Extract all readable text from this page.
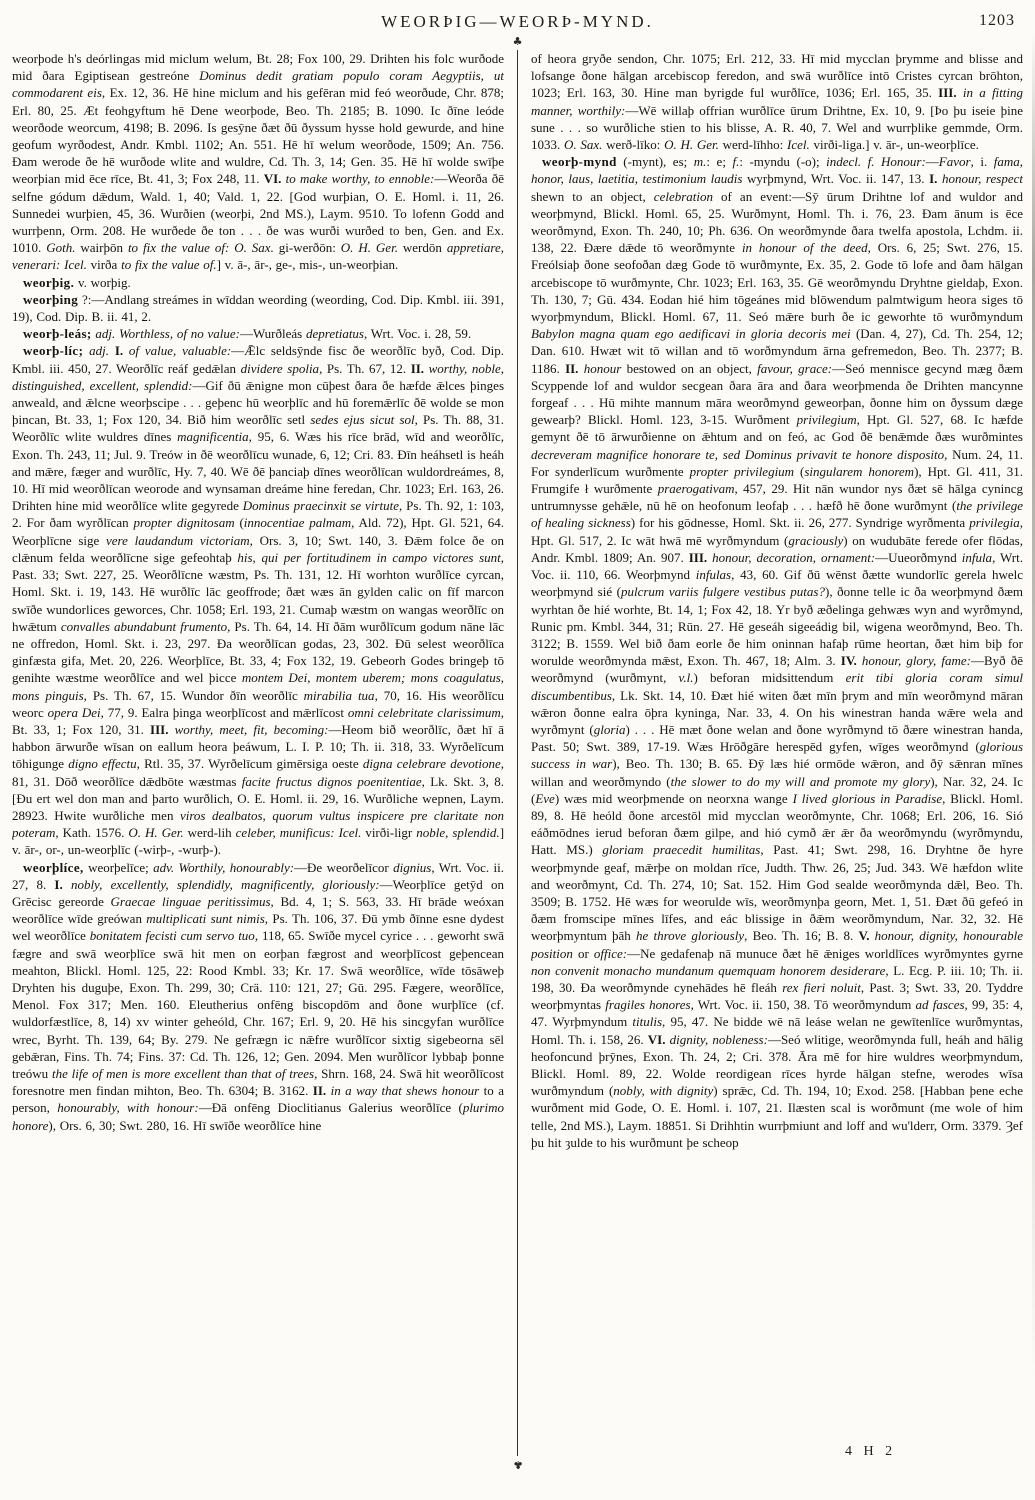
WEORÞIG—WEORÞ-MYND.	1203

weorþode h's deórlingas mid miclum welum, Bt. 28; Fox 100, 29. Drihten his folc wurðode mid ðara Egiptisean gestreóne Dominus dedit gratiam populo coram Aegyptiis, ut commodarent eis, Ex. 12, 36. Hē hine miclum and his gefēran mid feó weorðude, Chr. 878; Erl. 80, 25. Æt feohgyftum hē Dene weorþode, Beo. Th. 2185; B. 1090. Ic ðīne leóde weorðode weorcum, 4198; B. 2096. Is gesȳne ðæt ðū ðyssum hysse hold gewurde, and hine geofum wyrðodest, Andr. Kmbl. 1102; An. 551. Hē hī welum weorðode, 1509; An. 756. Ðam werode ðe hē wurðode wlite and wuldre, Cd. Th. 3, 14; Gen. 35. Hē hī wolde swīþe weorþian mid ēce rīce, Bt. 41, 3; Fox 248, 11. VI. to make worthy, to ennoble:—Weorða ðē selfne gódum dǣdum, Wald. 1, 40; Vald. 1, 22. [God wurþian, O. E. Homl. i. 11, 26. Sunnedei wurþien, 45, 36. Wurðien (weorþi, 2nd MS.), Laym. 9510. To lofenn Godd and wurrþenn, Orm. 208. He wurðede ðe ton . . . ðe was wurði wurðed to ben, Gen. and Ex. 1010. Goth. wairþōn to fix the value of: O. Sax. gi-werðōn: O. H. Ger. werdōn appretiare, venerari: Icel. virða to fix the value of.] v. ā-, ār-, ge-, mis-, un-weorþian.

weorþig. v. worþig.

weorþing ?:—Andlang streámes in wīddan weording (weording, Cod. Dip. Kmbl. iii. 391, 19), Cod. Dip. B. ii. 41, 2.

weorþ-leás; adj. Worthless, of no value:—Wurðleás depretiatus, Wrt. Voc. i. 28, 59.

weorþ-líc; adj. I. of value, valuable:—Ǣlc seldsȳnde fisc ðe weorðlīc byð, Cod. Dip. Kmbl. iii. 450, 27. Weorðlīc reáf gedǣlan dividere spolia, Ps. Th. 67, 12. II. worthy, noble, distinguished, excellent, splendid:—Gif ðū ǣnigne mon cūþest ðara ðe hæfde ǣlces þinges anweald, and ǣlcne weorþscipe . . . geþenc hū weorþlīc and hū foremǣrlīc ðē wolde se mon þincan, Bt. 33, 1; Fox 120, 34. Bið him weorðlīc setl sedes ejus sicut sol, Ps. Th. 88, 31. Weorðlīc wlite wuldres dīnes magnificentia, 95, 6. Wæs his rīce brād, wīd and weorðlīc, Exon. Th. 243, 11; Jul. 9. Treów in ðē weorðlīcu wunade, 6, 12; Cri. 83. Ðīn heáhsetl is heáh and mǣre, fæger and wurðlīc, Hy. 7, 40. Wē ðē þanciaþ dīnes weorðlīcan wuldordreámes, 8, 10. Hī mid weorðlīcan weorode and wynsaman dreáme hine feredan, Chr. 1023; Erl. 163, 26. Drihten hine mid weorðlīce wlite gegyrede Dominus praecinxit se virtute, Ps. Th. 92, 1: 103, 2. For ðam wyrðlīcan propter dignitosam (innocentiae palmam, Ald. 72), Hpt. Gl. 521, 64. Weorþlīcne sige vere laudandum victoriam, Ors. 3, 10; Swt. 140, 3. Ðǣm folce ðe on clǣnum felda weorðlīcne sige gefeohtaþ his, qui per fortitudinem in campo victores sunt, Past. 33; Swt. 227, 25. Weorðlīcne wæstm, Ps. Th. 131, 12. Hī worhton wurðlīce cyrcan, Homl. Skt. i. 19, 143. Hē wurðlīc lāc geoffrode; ðæt wæs ān gylden calic on fīf marcon swīðe wundorlices geworces, Chr. 1058; Erl. 193, 21. Cumaþ wæstm on wangas weorðlīc on hwǣtum convalles abundabunt frumento, Ps. Th. 64, 14. Hī ðām wurðlīcum godum nāne lāc ne offredon, Homl. Skt. i. 23, 297. Ða weorðlīcan godas, 23, 302. Ðū selest weorðlīca ginfæsta gifa, Met. 20, 226. Weorþlīce, Bt. 33, 4; Fox 132, 19. Gebeorh Godes bringeþ tō genihte wæstme weorðlīce and wel þicce montem Dei, montem uberem; mons coagulatus, mons pinguis, Ps. Th. 67, 15. Wundor ðīn weorðlīc mirabilia tua, 70, 16. His weorðlīcu weorc opera Dei, 77, 9. Ealra þinga weorþlīcost and mǣrlīcost omni celebritate clarissimum, Bt. 33, 1; Fox 120, 31. III. worthy, meet, fit, becoming:—Heom bið weorðlīc, ðæt hī ā habbon ārwurðe wīsan on eallum heora þeáwum, L. I. P. 10; Th. ii. 318, 33. Wyrðelīcum tōhigunge digno effectu, Rtl. 35, 37. Wyrðelīcum gimērsiga oeste digna celebrare devotione, 81, 31. Dōð weorðlīce dǣdbōte wæstmas facite fructus dignos poenitentiae, Lk. Skt. 3, 8. [Ðu ert wel don man and þarto wurðlich, O. E. Homl. ii. 29, 16. Wurðliche wepnen, Laym. 28923. Hwite wurðliche men viros dealbatos, quorum vultus inspicere pre claritate non poteram, Kath. 1576. O. H. Ger. werd-lih celeber, munificus: Icel. virði-ligr noble, splendid.] v. ār-, or-, un-weorþlīc (-wirþ-, -wurþ-).

weorþlíce, weorþelīce; adv. Worthily, honourably:—Ðe weorðelīcor dignius, Wrt. Voc. ii. 27, 8. I. nobly, excellently, splendidly, magnificently, gloriously:—Weorþlīce getȳd on Grēcisc gereorde Graecae linguae peritissimus, Bd. 4, 1; S. 563, 33. Hī brāde weóxan weorðlīce wīde greówan multiplicati sunt nimis, Ps. Th. 106, 37. Ðū ymb ðīnne esne dydest wel weorðlīce bonitatem fecisti cum servo tuo, 118, 65. Swīðe mycel cyrice . . . geworht swā fægre and swā weorþlīce swā hit men on eorþan fægrost and weorþlīcost geþencean meahton, Blickl. Homl. 125, 22: Rood Kmbl. 33; Kr. 17. Swā weorðlīce, wīde tōsāweþ Dryhten his duguþe, Exon. Th. 299, 30; Crä. 110: 121, 27; Gū. 295. Fægere, weorðlīce, Menol. Fox 317; Men. 160. Eleutherius onfēng biscopdōm and ðone wurþlīce (cf. wuldorfæstlīce, 8, 14) xv winter geheóld, Chr. 167; Erl. 9, 20. Hē his sincgyfan wurðlīce wrec, Byrht. Th. 139, 64; By. 279. Ne gefrægn ic nǣfre wurðlīcor sixtig sigebeorna sēl gebǣran, Fins. Th. 74; Fins. 37: Cd. Th. 126, 12; Gen. 2094. Men wurðlīcor lybbaþ þonne treówu the life of men is more excellent than that of trees, Shrn. 168, 24. Swā hit weorðlīcost foresnotre men findan mihton, Beo. Th. 6304; B. 3162. II. in a way that shews honour to a person, honourably, with honour:—Ðā onfēng Dioclitianus Galerius weorðlīce (plurimo honore), Ors. 6, 30; Swt. 280, 16. Hī swīðe weorðlīce hine

♣
♣

of heora gryðe sendon, Chr. 1075; Erl. 212, 33. Hī mid mycclan þrymme and blisse and lofsange ðone hālgan arcebiscop feredon, and swā wurðlīce intō Cristes cyrcan brōhton, 1023; Erl. 163, 30. Hine man byrigde ful wurðlīce, 1036; Erl. 165, 35. III. in a fitting manner, worthily:—Wē willaþ offrian wurðlīce ūrum Drihtne, Ex. 10, 9. [Þo þu iseie þine sune . . . so wurðliche stien to his blisse, A. R. 40, 7. Wel and wurrþlike gemmde, Orm. 1033. O. Sax. werð-līko: O. H. Ger. werd-līhho: Icel. virði-liga.] v. ār-, un-weorþlīce.

weorþ-mynd (-mynt), es; m.: e; f.: -myndu (-o); indecl. f. Honour:—Favor, i. fama, honor, laus, laetitia, testimonium laudis wyrþmynd, Wrt. Voc. ii. 147, 13. I. honour, respect shewn to an object, celebration of an event:—Sȳ ūrum Drihtne lof and wuldor and weorþmynd, Blickl. Homl. 65, 25. Wurðmynt, Homl. Th. i. 76, 23. Ðam ānum is ēce weorðmynd, Exon. Th. 240, 10; Ph. 636. On weorðmynde ðara twelfa apostola, Lchdm. ii. 138, 22. Ðære dǣde tō weorðmynte in honour of the deed, Ors. 6, 25; Swt. 276, 15. Freólsiaþ ðone seofoðan dæg Gode tō wurðmynte, Ex. 35, 2. Gode tō lofe and ðam hālgan arcebiscope tō wurðmynte, Chr. 1023; Erl. 163, 35. Gē weorðmyndu Dryhtne gieldaþ, Exon. Th. 130, 7; Gū. 434. Eodan hié him tōgeánes mid blōwendum palmtwigum heora siges tō wyorþmyndum, Blickl. Homl. 67, 11. Seó mǣre burh ðe ic geworhte tō wurðmyndum Babylon magna quam ego aedificavi in gloria decoris mei (Dan. 4, 27), Cd. Th. 254, 12; Dan. 610. Hwæt wit tō willan and tō worðmyndum ārna gefremedon, Beo. Th. 2377; B. 1186. II. honour bestowed on an object, favour, grace:—Seó mennisce gecynd mæg ðæm Scyppende lof and wuldor secgean ðara āra and ðara weorþmenda ðe Drihten mancynne forgeaf . . . Hū mihte mannum māra weorðmynd geweorþan, ðonne him on ðyssum dæge gewearþ? Blickl. Homl. 123, 3-15. Wurðment privilegium, Hpt. Gl. 527, 68. Ic hæfde gemynt ðē tō ārwurðienne on ǣhtum and on feó, ac God ðē benǣmde ðæs wurðmintes decreveram magnifice honorare te, sed Dominus privavit te honore disposito, Num. 24, 11. For synderlīcum wurðmente propter privilegium (singularem honorem), Hpt. Gl. 411, 31. Frumgife ł wurðmente praerogativam, 457, 29. Hit nān wundor nys ðæt sē hālga cynincg untrumnysse gehǣle, nū hē on heofonum leofaþ . . . hæfð hē ðone wurðmynt (the privilege of healing sickness) for his gōdnesse, Homl. Skt. ii. 26, 277. Syndrige wyrðmenta privilegia, Hpt. Gl. 517, 2. Ic wāt hwā mē wyrðmyndum (graciously) on wudubāte ferede ofer flōdas, Andr. Kmbl. 1809; An. 907. III. honour, decoration, ornament:—Uueorðmynd infula, Wrt. Voc. ii. 110, 66. Weorþmynd infulas, 43, 60. Gif ðū wēnst ðætte wundorlīc gerela hwelc weorþmynd sié (pulcrum variis fulgere vestibus putas?), ðonne telle ic ða weorþmynd ðæm wyrhtan ðe hié worhte, Bt. 14, 1; Fox 42, 18. Yr byð æðelinga gehwæs wyn and wyrðmynd, Runic pm. Kmbl. 344, 31; Rūn. 27. Hē geseáh sigeeádig bil, wigena weorðmynd, Beo. Th. 3122; B. 1559. Wel bið ðam eorle ðe him oninnan hafaþ rūme heortan, ðæt him biþ for worulde weorðmynda mǣst, Exon. Th. 467, 18; Alm. 3. IV. honour, glory, fame:—Byð ðē weorðmynd (wurðmynt, v.l.) beforan midsittendum erit tibi gloria coram simul discumbentibus, Lk. Skt. 14, 10. Ðæt hié witen ðæt mīn þrym and mīn weorðmynd māran wǣron ðonne ealra ōþra kyninga, Nar. 33, 4. On his winestran handa wǣre wela and wyrðmynt (gloria) . . . Hē mæt ðone welan and ðone wyrðmynd tō ðære winestran handa, Past. 50; Swt. 389, 17-19. Wæs Hrōðgāre herespēd gyfen, wīges weorðmynd (glorious success in war), Beo. Th. 130; B. 65. Ðȳ læs hié ormōde wǣron, and ðȳ sǣnran mīnes willan and weorðmyndo (the slower to do my will and promote my glory), Nar. 32, 24. Ic (Eve) wæs mid weorþmende on neorxna wange I lived glorious in Paradise, Blickl. Homl. 89, 8. Hē heóld ðone arcestōl mid mycclan weorðmynte, Chr. 1068; Erl. 206, 16. Sió eáðmōdnes ierud beforan ðæm gilpe, and hió cymð ǣr ǣr ða weorðmyndu (wyrðmyndu, Hatt. MS.) gloriam praecedit humilitas, Past. 41; Swt. 298, 16. Dryhtne ðe hyre weorþmynde geaf, mǣrþe on moldan rīce, Judth. Thw. 26, 25; Jud. 343. Wē hæfdon wlite and weorðmynt, Cd. Th. 274, 10; Sat. 152. Him God sealde weorðmynda dǣl, Beo. Th. 3509; B. 1752. Hē wæs for weorulde wīs, weorðmynþa georn, Met. 1, 51. Ðæt ðū gefeó in ðæm fromscipe mīnes līfes, and eác blissige in ðǣm weorðmyndum, Nar. 32, 32. Hē weorþmyntum þāh he throve gloriously, Beo. Th. 16; B. 8. V. honour, dignity, honourable position or office:—Ne gedafenaþ nā munuce ðæt hē ǣniges worldlīces wyrðmyntes gyrne non convenit monacho mundanum quemquam honorem desiderare, L. Ecg. P. iii. 10; Th. ii. 198, 30. Ða weorðmynde cynehādes hē fleáh rex fieri noluit, Past. 3; Swt. 33, 20. Tyddre weorþmyntas fragiles honores, Wrt. Voc. ii. 150, 38. Tō weorðmyndum ad fasces, 99, 35: 4, 47. Wyrþmyndum titulis, 95, 47. Ne bidde wē nā leáse welan ne gewītenlīce wurðmyntas, Homl. Th. i. 158, 26. VI. dignity, nobleness:—Seó wlitige, weorðmynda full, heáh and hālig heofoncund þrȳnes, Exon. Th. 24, 2; Cri. 378. Āra mē for hire wuldres weorþmyndum, Blickl. Homl. 89, 22. Wolde reordigean rīces hyrde hālgan stefne, werodes wīsa wurðmyndum (nobly, with dignity) sprǣc, Cd. Th. 194, 10; Exod. 258. [Habban þene eche wurðment mid Gode, O. E. Homl. i. 107, 21. Ilæsten scal is worðmunt (me wole of him telle, 2nd MS.), Laym. 18851. Si Drihhtin wurrþmiunt and loff and wu'lderr, Orm. 3379. Ȝef þu hit ȝulde to his wurðmunt þe scheop

4 H 2
